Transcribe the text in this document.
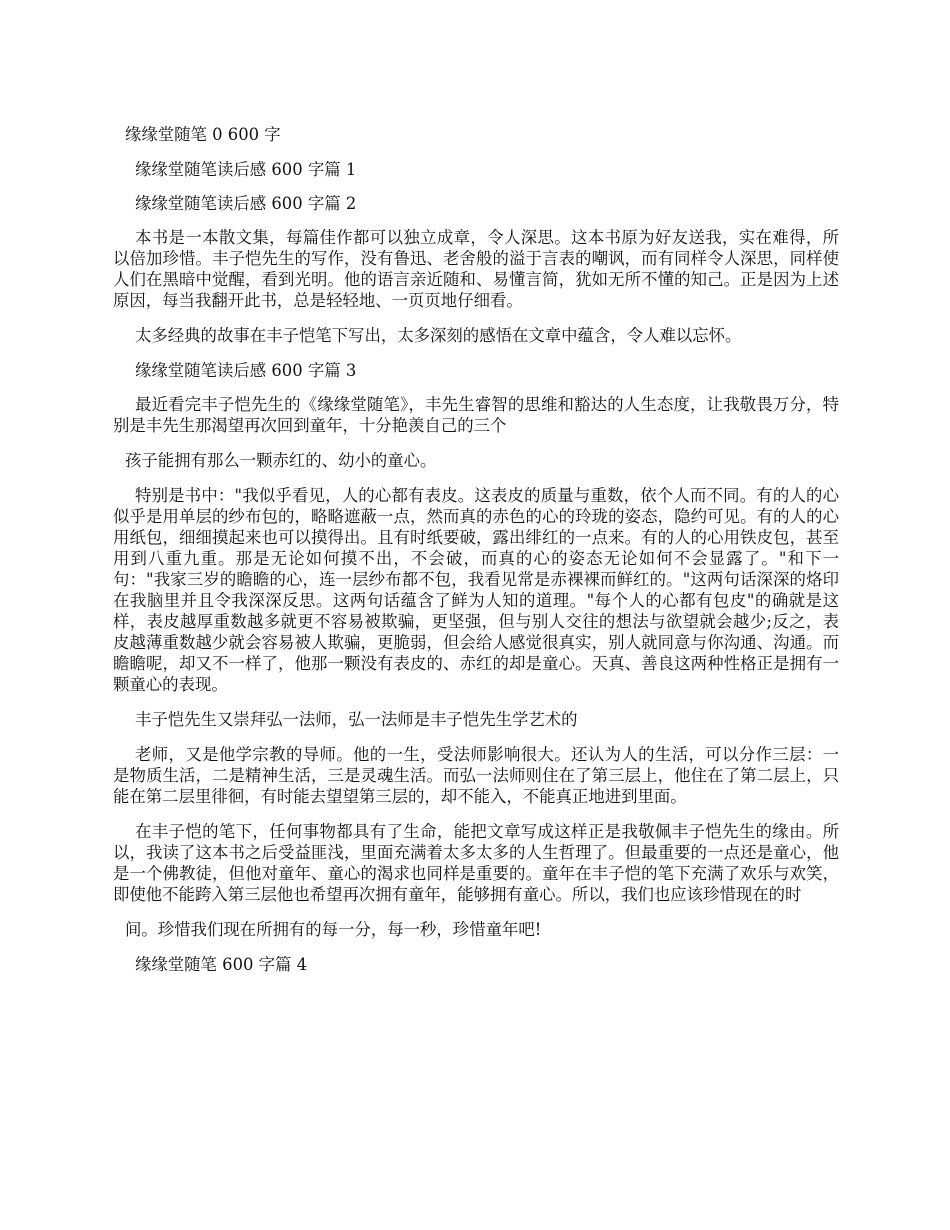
缘缘堂随笔 0 600 字

缘缘堂随笔读后感 600 字篇 1

缘缘堂随笔读后感 600 字篇 2

本书是一本散文集，每篇佳作都可以独立成章，令人深思。这本书原为好友送我，实在难得，所以倍加珍惜。丰子恺先生的写作，没有鲁迅、老舍般的溢于言表的嘲讽，而有同样令人深思，同样使人们在黑暗中觉醒，看到光明。他的语言亲近随和、易懂言简，犹如无所不懂的知己。正是因为上述原因，每当我翻开此书，总是轻轻地、一页页地仔细看。

太多经典的故事在丰子恺笔下写出，太多深刻的感悟在文章中蕴含，令人难以忘怀。

缘缘堂随笔读后感 600 字篇 3

最近看完丰子恺先生的《缘缘堂随笔》，丰先生睿智的思维和豁达的人生态度，让我敬畏万分，特别是丰先生那渴望再次回到童年，十分艳羡自己的三个

孩子能拥有那么一颗赤红的、幼小的童心。

特别是书中："我似乎看见，人的心都有表皮。这表皮的质量与重数，依个人而不同。有的人的心似乎是用单层的纱布包的，略略遮蔽一点，然而真的赤色的心的玲珑的姿态，隐约可见。有的人的心用纸包，细细摸起来也可以摸得出。且有时纸要破，露出绯红的一点来。有的人的心用铁皮包，甚至用到八重九重。那是无论如何摸不出，不会破，而真的心的姿态无论如何不会显露了。"和下一句："我家三岁的瞻瞻的心，连一层纱布都不包，我看见常是赤裸裸而鲜红的。"这两句话深深的烙印在我脑里并且令我深深反思。这两句话蕴含了鲜为人知的道理。"每个人的心都有包皮"的确就是这样，表皮越厚重数越多就更不容易被欺骗，更坚强，但与别人交往的想法与欲望就会越少;反之，表皮越薄重数越少就会容易被人欺骗，更脆弱，但会给人感觉很真实，别人就同意与你沟通、沟通。而瞻瞻呢，却又不一样了，他那一颗没有表皮的、赤红的却是童心。天真、善良这两种性格正是拥有一颗童心的表现。

丰子恺先生又崇拜弘一法师，弘一法师是丰子恺先生学艺术的

老师，又是他学宗教的导师。他的一生，受法师影响很大。还认为人的生活，可以分作三层：一是物质生活，二是精神生活，三是灵魂生活。而弘一法师则住在了第三层上，他住在了第二层上，只能在第二层里徘徊，有时能去望望第三层的，却不能入，不能真正地进到里面。

在丰子恺的笔下，任何事物都具有了生命，能把文章写成这样正是我敬佩丰子恺先生的缘由。所以，我读了这本书之后受益匪浅，里面充满着太多太多的人生哲理了。但最重要的一点还是童心，他是一个佛教徒，但他对童年、童心的渴求也同样是重要的。童年在丰子恺的笔下充满了欢乐与欢笑，即使他不能跨入第三层他也希望再次拥有童年，能够拥有童心。所以，我们也应该珍惜现在的时

间。珍惜我们现在所拥有的每一分，每一秒，珍惜童年吧!

缘缘堂随笔 600 字篇 4
